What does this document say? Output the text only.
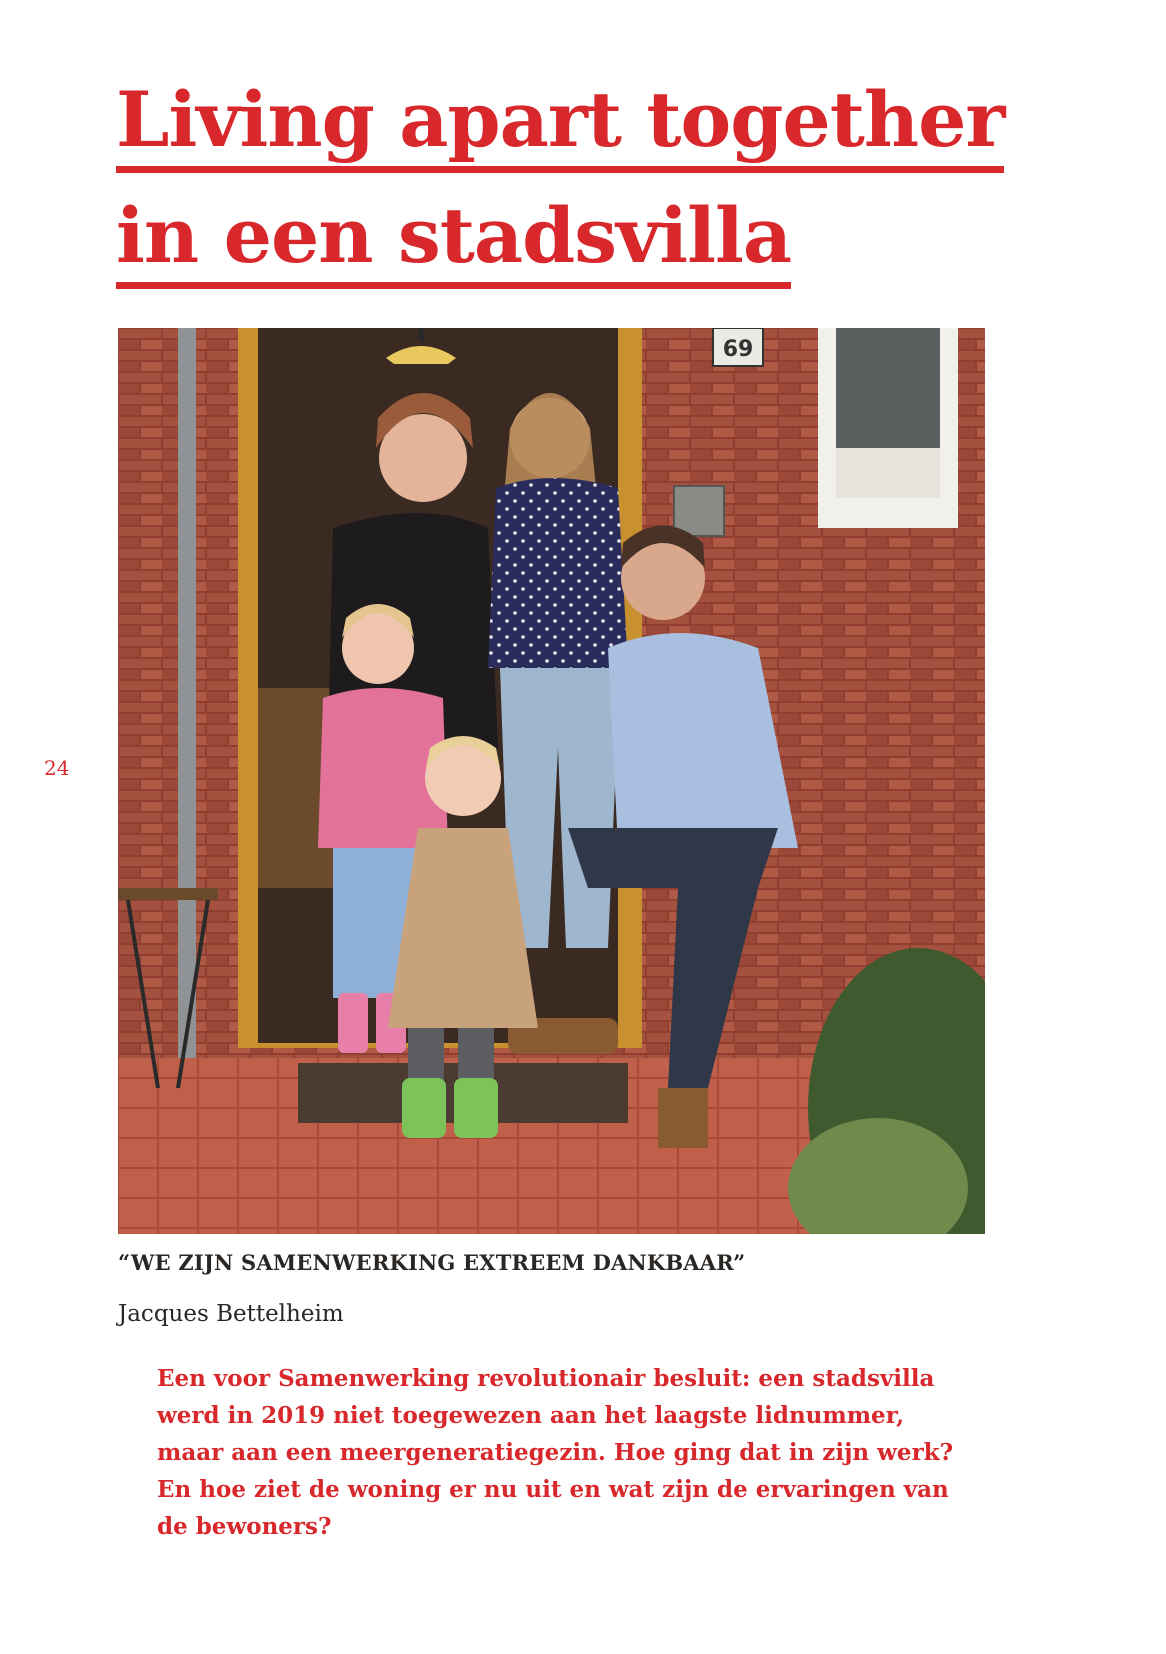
Living apart together
in een stadsvilla
24
69
“WE ZIJN SAMENWERKING EXTREEM DANKBAAR”
Jacques Bettelheim

Een voor Samenwerking revolutionair besluit: een stadsvilla werd in 2019 niet toegewezen aan het laagste lidnummer, maar aan een meergeneratiegezin. Hoe ging dat in zijn werk? En hoe ziet de woning er nu uit en wat zijn de ervaringen van de bewoners?
